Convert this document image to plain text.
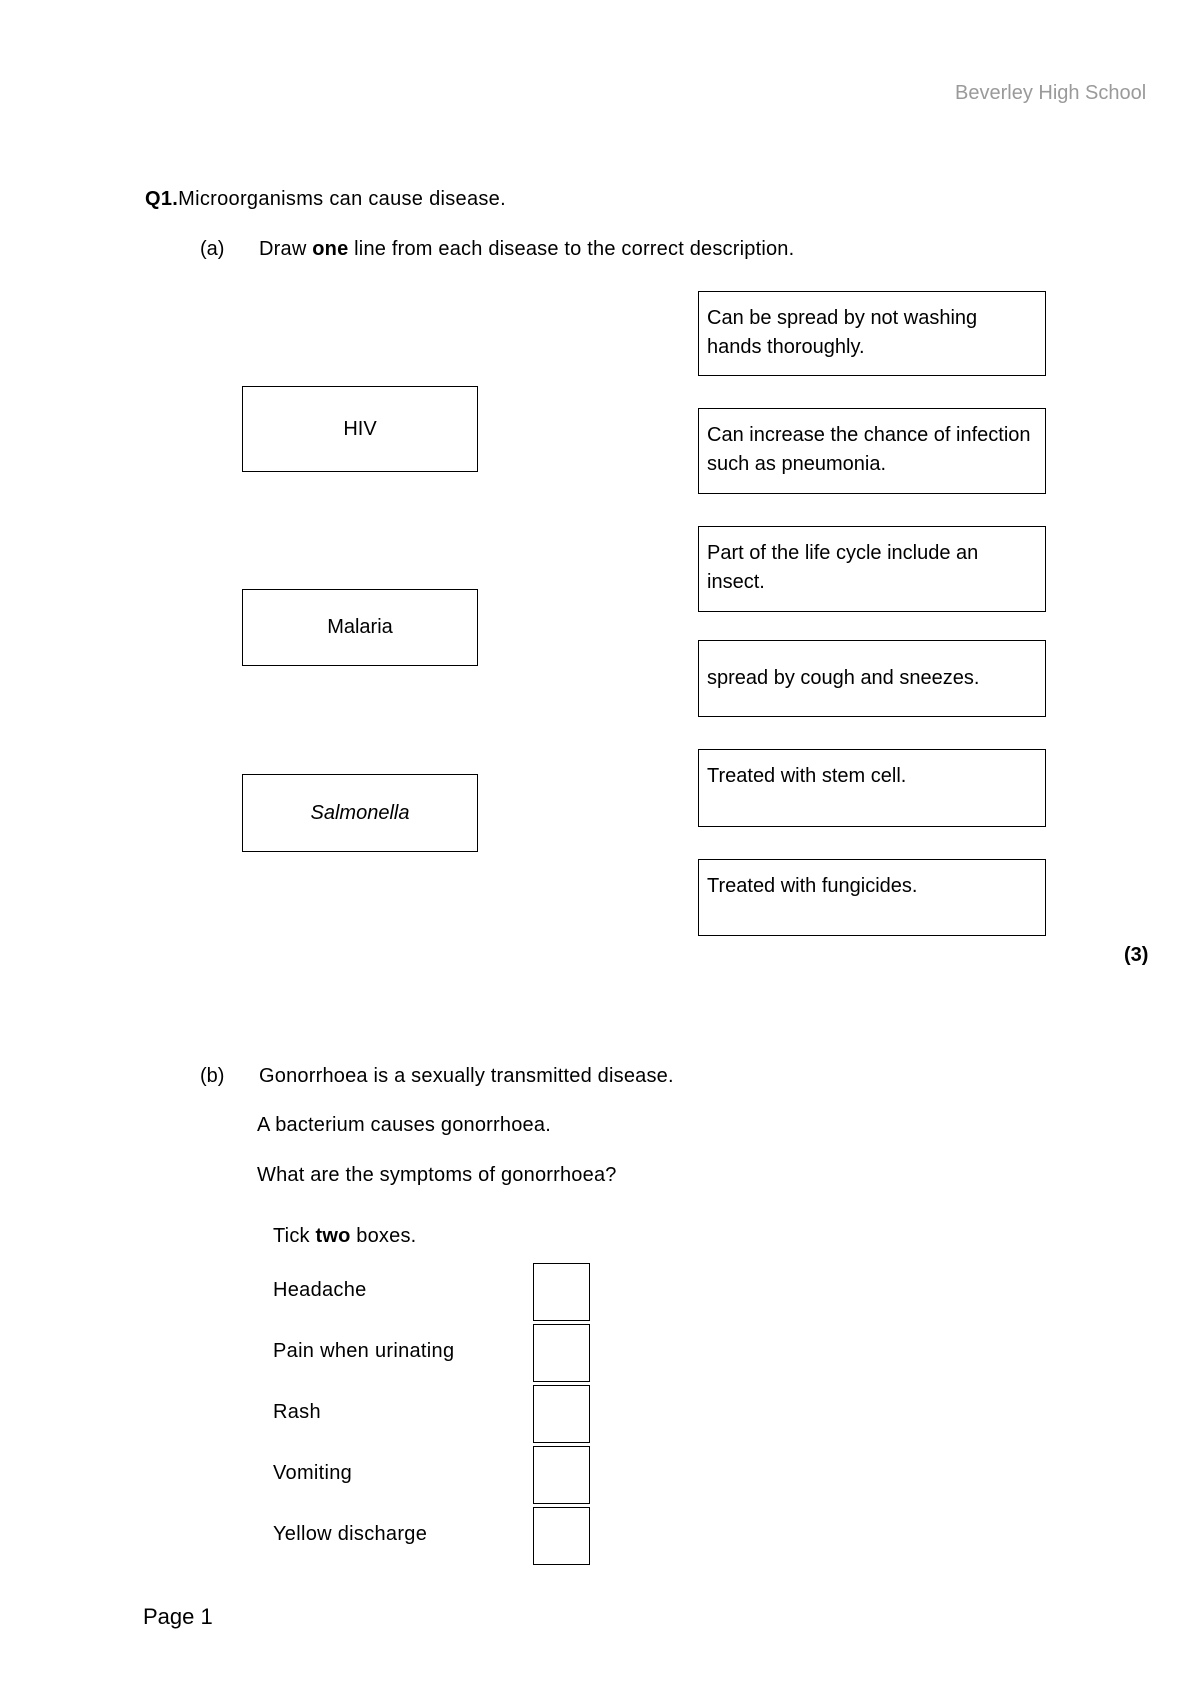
Beverley High School
Q1.Microorganisms can cause disease.
(a) Draw one line from each disease to the correct description.
HIV
Malaria
Salmonella
Can be spread by not washing hands thoroughly.
Can increase the chance of infection such as pneumonia.
Part of the life cycle include an insect.
spread by cough and sneezes.
Treated with stem cell.
Treated with fungicides.
(3)
(b) Gonorrhoea is a sexually transmitted disease.
A bacterium causes gonorrhoea.
What are the symptoms of gonorrhoea?
Tick two boxes.
Headache
Pain when urinating
Rash
Vomiting
Yellow discharge
Page 1
